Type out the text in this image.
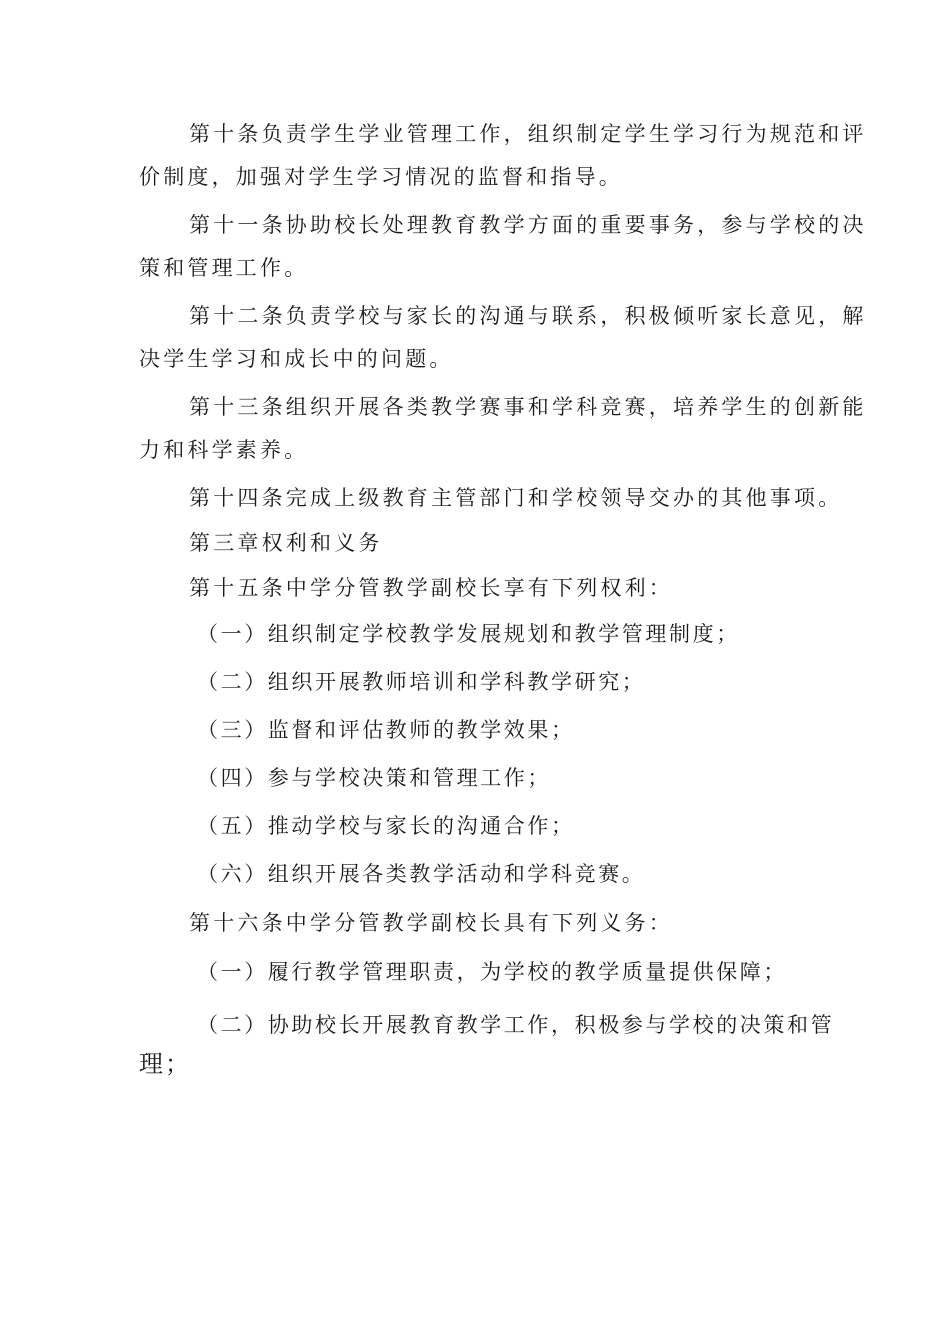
第十条负责学生学业管理工作，组织制定学生学习行为规范和评
价制度，加强对学生学习情况的监督和指导。
第十一条协助校长处理教育教学方面的重要事务，参与学校的决
策和管理工作。
第十二条负责学校与家长的沟通与联系，积极倾听家长意见，解
决学生学习和成长中的问题。
第十三条组织开展各类教学赛事和学科竞赛，培养学生的创新能
力和科学素养。
第十四条完成上级教育主管部门和学校领导交办的其他事项。
第三章权利和义务
第十五条中学分管教学副校长享有下列权利：
（一）组织制定学校教学发展规划和教学管理制度；
（二）组织开展教师培训和学科教学研究；
（三）监督和评估教师的教学效果；
（四）参与学校决策和管理工作；
（五）推动学校与家长的沟通合作；
（六）组织开展各类教学活动和学科竞赛。
第十六条中学分管教学副校长具有下列义务：
（一）履行教学管理职责，为学校的教学质量提供保障；
（二）协助校长开展教育教学工作，积极参与学校的决策和管
理；
